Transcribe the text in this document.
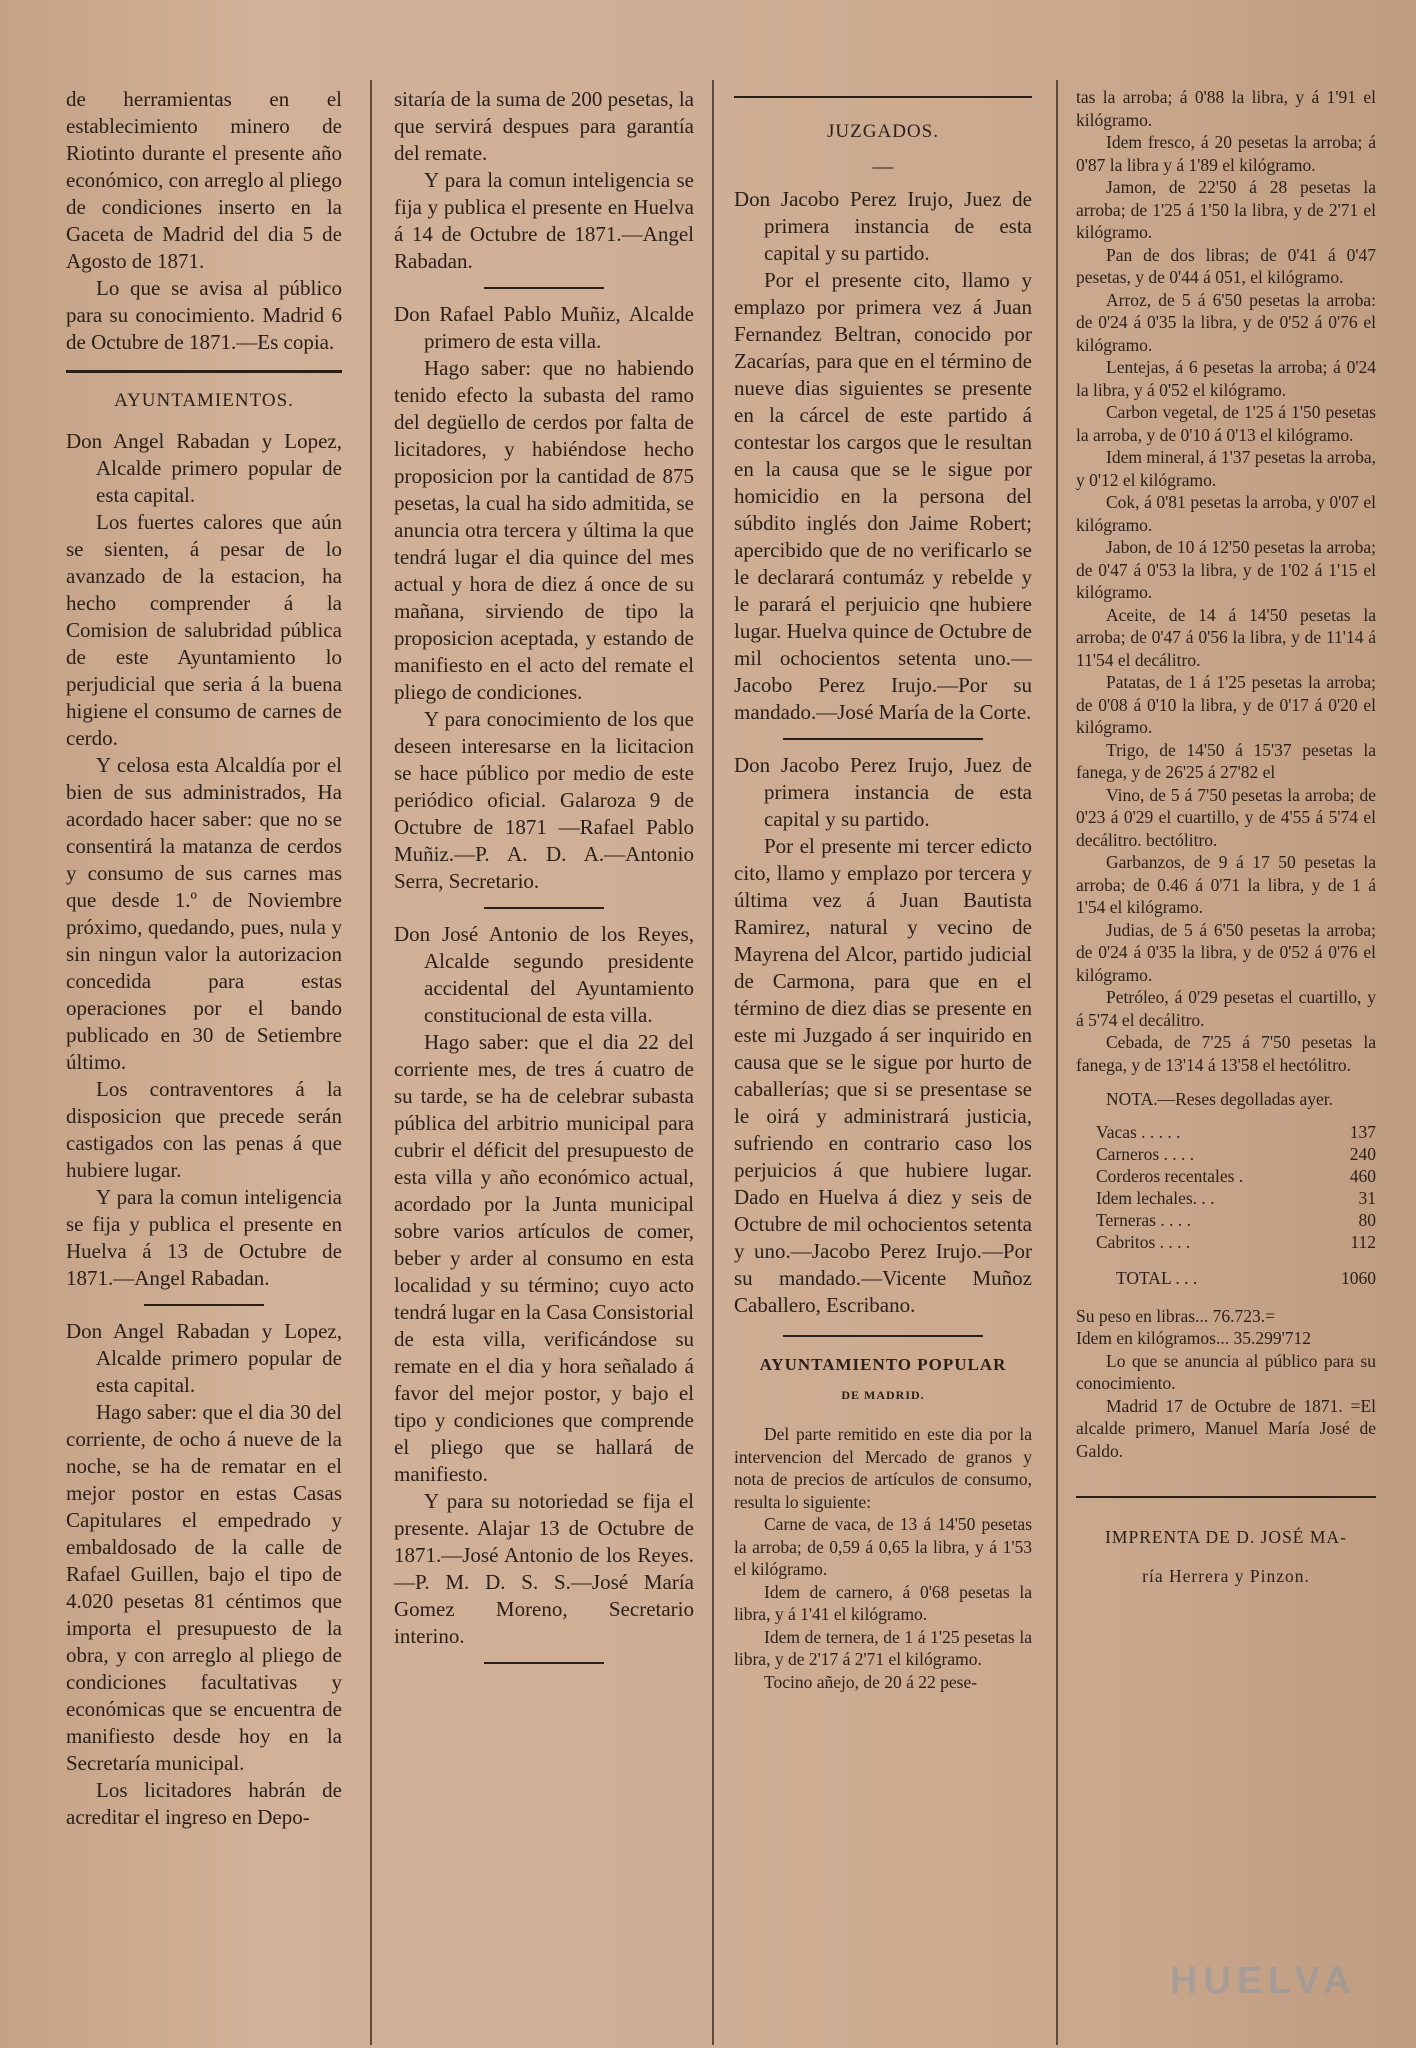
de herramientas en el establecimiento minero de Riotinto durante el presente año económico, con arreglo al pliego de condiciones inserto en la Gaceta de Madrid del dia 5 de Agosto de 1871.

Lo que se avisa al público para su conocimiento. Madrid 6 de Octubre de 1871.—Es copia.

AYUNTAMIENTOS.

Don Angel Rabadan y Lopez, Alcalde primero popular de esta capital.

Los fuertes calores que aún se sienten, á pesar de lo avanzado de la estacion, ha hecho comprender á la Comision de salubridad pública de este Ayuntamiento lo perjudicial que seria á la buena higiene el consumo de carnes de cerdo.

Y celosa esta Alcaldía por el bien de sus administrados, Ha acordado hacer saber: que no se consentirá la matanza de cerdos y consumo de sus carnes mas que desde 1.º de Noviembre próximo, quedando, pues, nula y sin ningun valor la autorizacion concedida para estas operaciones por el bando publicado en 30 de Setiembre último.

Los contraventores á la disposicion que precede serán castigados con las penas á que hubiere lugar.

Y para la comun inteligencia se fija y publica el presente en Huelva á 13 de Octubre de 1871.—Angel Rabadan.

Don Angel Rabadan y Lopez, Alcalde primero popular de esta capital.

Hago saber: que el dia 30 del corriente, de ocho á nueve de la noche, se ha de rematar en el mejor postor en estas Casas Capitulares el empedrado y embaldosado de la calle de Rafael Guillen, bajo el tipo de 4.020 pesetas 81 céntimos que importa el presupuesto de la obra, y con arreglo al pliego de condiciones facultativas y económicas que se encuentra de manifiesto desde hoy en la Secretaría municipal.

Los licitadores habrán de acreditar el ingreso en Depo-

sitaría de la suma de 200 pesetas, la que servirá despues para garantía del remate.

Y para la comun inteligencia se fija y publica el presente en Huelva á 14 de Octubre de 1871.—Angel Rabadan.

Don Rafael Pablo Muñiz, Alcalde primero de esta villa.

Hago saber: que no habiendo tenido efecto la subasta del ramo del degüello de cerdos por falta de licitadores, y habiéndose hecho proposicion por la cantidad de 875 pesetas, la cual ha sido admitida, se anuncia otra tercera y última la que tendrá lugar el dia quince del mes actual y hora de diez á once de su mañana, sirviendo de tipo la proposicion aceptada, y estando de manifiesto en el acto del remate el pliego de condiciones.

Y para conocimiento de los que deseen interesarse en la licitacion se hace público por medio de este periódico oficial. Galaroza 9 de Octubre de 1871 —Rafael Pablo Muñiz.—P. A. D. A.—Antonio Serra, Secretario.

Don José Antonio de los Reyes, Alcalde segundo presidente accidental del Ayuntamiento constitucional de esta villa.

Hago saber: que el dia 22 del corriente mes, de tres á cuatro de su tarde, se ha de celebrar subasta pública del arbitrio municipal para cubrir el déficit del presupuesto de esta villa y año económico actual, acordado por la Junta municipal sobre varios artículos de comer, beber y arder al consumo en esta localidad y su término; cuyo acto tendrá lugar en la Casa Consistorial de esta villa, verificándose su remate en el dia y hora señalado á favor del mejor postor, y bajo el tipo y condiciones que comprende el pliego que se hallará de manifiesto.

Y para su notoriedad se fija el presente. Alajar 13 de Octubre de 1871.—José Antonio de los Reyes.—P. M. D. S. S.—José María Gomez Moreno, Secretario interino.

JUZGADOS.
—

Don Jacobo Perez Irujo, Juez de primera instancia de esta capital y su partido.

Por el presente cito, llamo y emplazo por primera vez á Juan Fernandez Beltran, conocido por Zacarías, para que en el término de nueve dias siguientes se presente en la cárcel de este partido á contestar los cargos que le resultan en la causa que se le sigue por homicidio en la persona del súbdito inglés don Jaime Robert; apercibido que de no verificarlo se le declarará contumáz y rebelde y le parará el perjuicio qne hubiere lugar. Huelva quince de Octubre de mil ochocientos setenta uno.—Jacobo Perez Irujo.—Por su mandado.—José María de la Corte.

Don Jacobo Perez Irujo, Juez de primera instancia de esta capital y su partido.

Por el presente mi tercer edicto cito, llamo y emplazo por tercera y última vez á Juan Bautista Ramirez, natural y vecino de Mayrena del Alcor, partido judicial de Carmona, para que en el término de diez dias se presente en este mi Juzgado á ser inquirido en causa que se le sigue por hurto de caballerías; que si se presentase se le oirá y administrará justicia, sufriendo en contrario caso los perjuicios á que hubiere lugar. Dado en Huelva á diez y seis de Octubre de mil ochocientos setenta y uno.—Jacobo Perez Irujo.—Por su mandado.—Vicente Muñoz Caballero, Escribano.

AYUNTAMIENTO POPULAR
DE MADRID.

Del parte remitido en este dia por la intervencion del Mercado de granos y nota de precios de artículos de consumo, resulta lo siguiente:

Carne de vaca, de 13 á 14'50 pesetas la arroba; de 0,59 á 0,65 la libra, y á 1'53 el kilógramo.

Idem de carnero, á 0'68 pesetas la libra, y á 1'41 el kilógramo.

Idem de ternera, de 1 á 1'25 pesetas la libra, y de 2'17 á 2'71 el kilógramo.

Tocino añejo, de 20 á 22 pese-

tas la arroba; á 0'88 la libra, y á 1'91 el kilógramo.

Idem fresco, á 20 pesetas la arroba; á 0'87 la libra y á 1'89 el kilógramo.

Jamon, de 22'50 á 28 pesetas la arroba; de 1'25 á 1'50 la libra, y de 2'71 el kilógramo.

Pan de dos libras; de 0'41 á 0'47 pesetas, y de 0'44 á 051, el kilógramo.

Arroz, de 5 á 6'50 pesetas la arroba: de 0'24 á 0'35 la libra, y de 0'52 á 0'76 el kilógramo.

Lentejas, á 6 pesetas la arroba; á 0'24 la libra, y á 0'52 el kilógramo.

Carbon vegetal, de 1'25 á 1'50 pesetas la arroba, y de 0'10 á 0'13 el kilógramo.

Idem mineral, á 1'37 pesetas la arroba, y 0'12 el kilógramo.

Cok, á 0'81 pesetas la arroba, y 0'07 el kilógramo.

Jabon, de 10 á 12'50 pesetas la arroba; de 0'47 á 0'53 la libra, y de 1'02 á 1'15 el kilógramo.

Aceite, de 14 á 14'50 pesetas la arroba; de 0'47 á 0'56 la libra, y de 11'14 á 11'54 el decálitro.

Patatas, de 1 á 1'25 pesetas la arroba; de 0'08 á 0'10 la libra, y de 0'17 á 0'20 el kilógramo.

Trigo, de 14'50 á 15'37 pesetas la fanega, y de 26'25 á 27'82 el

Vino, de 5 á 7'50 pesetas la arroba; de 0'23 á 0'29 el cuartillo, y de 4'55 á 5'74 el decálitro. bectólitro.

Garbanzos, de 9 á 17 50 pesetas la arroba; de 0.46 á 0'71 la libra, y de 1 á 1'54 el kilógramo.

Judias, de 5 á 6'50 pesetas la arroba; de 0'24 á 0'35 la libra, y de 0'52 á 0'76 el kilógramo.

Petróleo, á 0'29 pesetas el cuartillo, y á 5'74 el decálitro.

Cebada, de 7'25 á 7'50 pesetas la fanega, y de 13'14 á 13'58 el hectólitro.

NOTA.—Reses degolladas ayer.

Vacas . . . . .	137
Carneros . . . .	240
Corderos recentales .	460
Idem lechales. . .	31
Terneras . . . .	80
Cabritos . . . .	112
TOTAL . . .	1060

Su peso en libras... 76.723.=

Idem en kilógramos... 35.299'712

Lo que se anuncia al público para su conocimiento.

Madrid 17 de Octubre de 1871. =El alcalde primero, Manuel María José de Galdo.

IMPRENTA DE D. JOSÉ MA-

ría Herrera y Pinzon.

HUELVA
